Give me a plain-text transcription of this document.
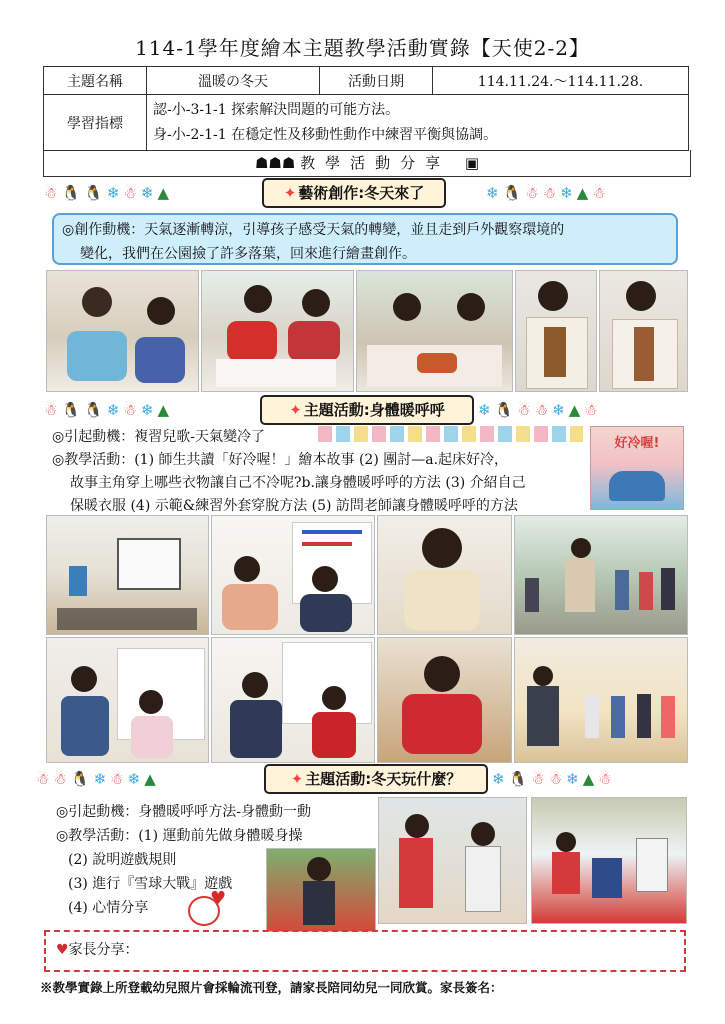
114-1學年度繪本主題教學活動實錄【天使2-2】
主題名稱	溫暖の冬天	活動日期	114.11.24.～114.11.28.
學習指標	認-小-3-1-1 探索解決問題的可能方法。
身-小-2-1-1 在穩定性及移動性動作中練習平衡與協調。		
☗☗☗ 教學活動分享 ▣
☃ 🐧 🐧 ❄ ☃ ❄ ▲	✦ 藝術創作:冬天來了	❄ 🐧 ☃ ☃ ❄ ▲ ☃
◎創作動機：天氣逐漸轉涼，引導孩子感受天氣的轉變，並且走到戶外觀察環境的
變化，我們在公園撿了許多落葉，回來進行繪畫創作。
☃ 🐧 🐧 ❄ ☃ ❄ ▲	✦ 主題活動:身體暖呼呼	❄ 🐧 ☃ ☃ ❄ ▲ ☃
◎引起動機：複習兒歌-天氣變冷了
◎教學活動：(1) 師生共讀「好冷喔！」繪本故事 (2) 團討—a.起床好冷，
故事主角穿上哪些衣物讓自己不冷呢?b.讓身體暖呼呼的方法 (3) 介紹自己
保暖衣服 (4) 示範&練習外套穿脫方法 (5) 訪問老師讓身體暖呼呼的方法
好冷喔!
☃ ☃ 🐧 ❄ ☃ ❄ ▲	✦ 主題活動:冬天玩什麼？	❄ 🐧 ☃ ☃ ❄ ▲ ☃
◎引起動機：身體暖呼呼方法-身體動一動
◎教學活動：(1) 運動前先做身體暖身操
(2) 說明遊戲規則
(3) 進行『雪球大戰』遊戲
(4) 心情分享	♥
♥家長分享：
※教學實錄上所登載幼兒照片會採輪流刊登，請家長陪同幼兒一同欣賞。家長簽名：
